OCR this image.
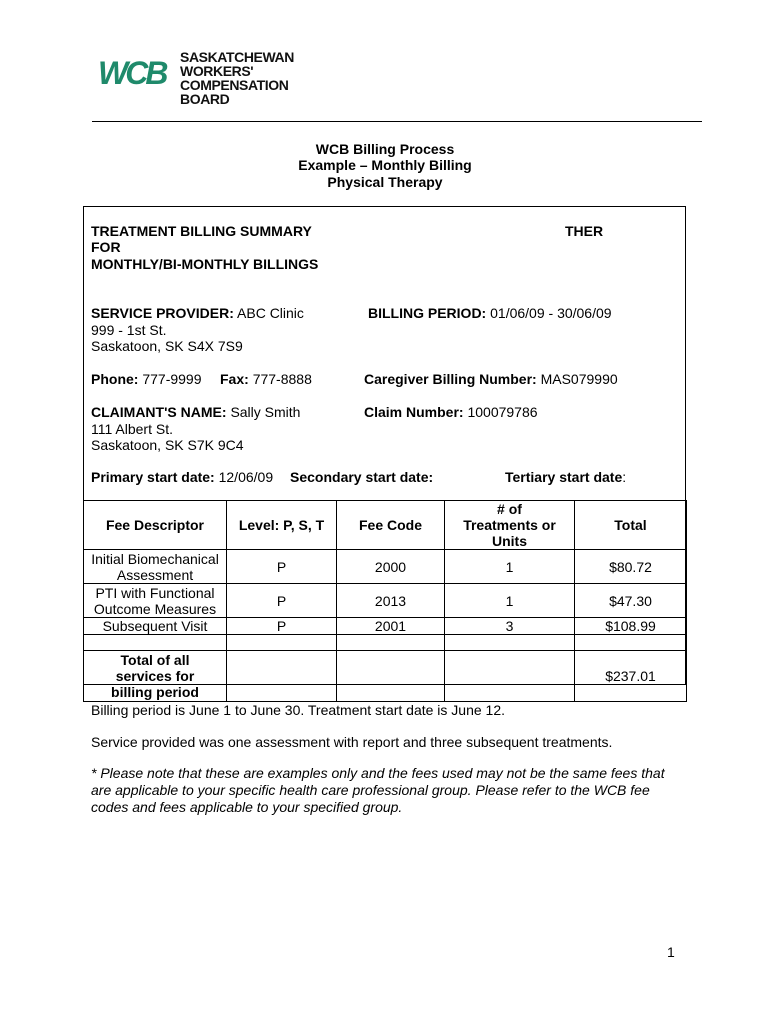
WCB SASKATCHEWAN
WORKERS'
COMPENSATION
BOARD
WCB Billing Process
Example – Monthly Billing
Physical Therapy
TREATMENT BILLING SUMMARY
FOR
MONTHLY/BI-MONTHLY BILLINGS
THER
SERVICE PROVIDER: ABC Clinic
999 - 1st St.
Saskatoon, SK S4X 7S9
BILLING PERIOD: 01/06/09 - 30/06/09
Phone: 777-9999 Fax: 777-8888	Caregiver Billing Number: MAS079990
CLAIMANT'S NAME: Sally Smith
111 Albert St.
Saskatoon, SK S7K 9C4
Claim Number: 100079786
Primary start date: 12/06/09 Secondary start date:	Tertiary start date:
Fee Descriptor	Level: P, S, T	Fee Code	# of Treatments or Units	Total
Initial Biomechanical Assessment	P	2000	1	$80.72
PTI with Functional Outcome Measures	P	2013	1	$47.30
Subsequent Visit	P	2001	3	$108.99

Total of all services for billing period				$237.01
Billing period is June 1 to June 30. Treatment start date is June 12.
Service provided was one assessment with report and three subsequent treatments.
* Please note that these are examples only and the fees used may not be the same fees that are applicable to your specific health care professional group. Please refer to the WCB fee codes and fees applicable to your specified group.
1
